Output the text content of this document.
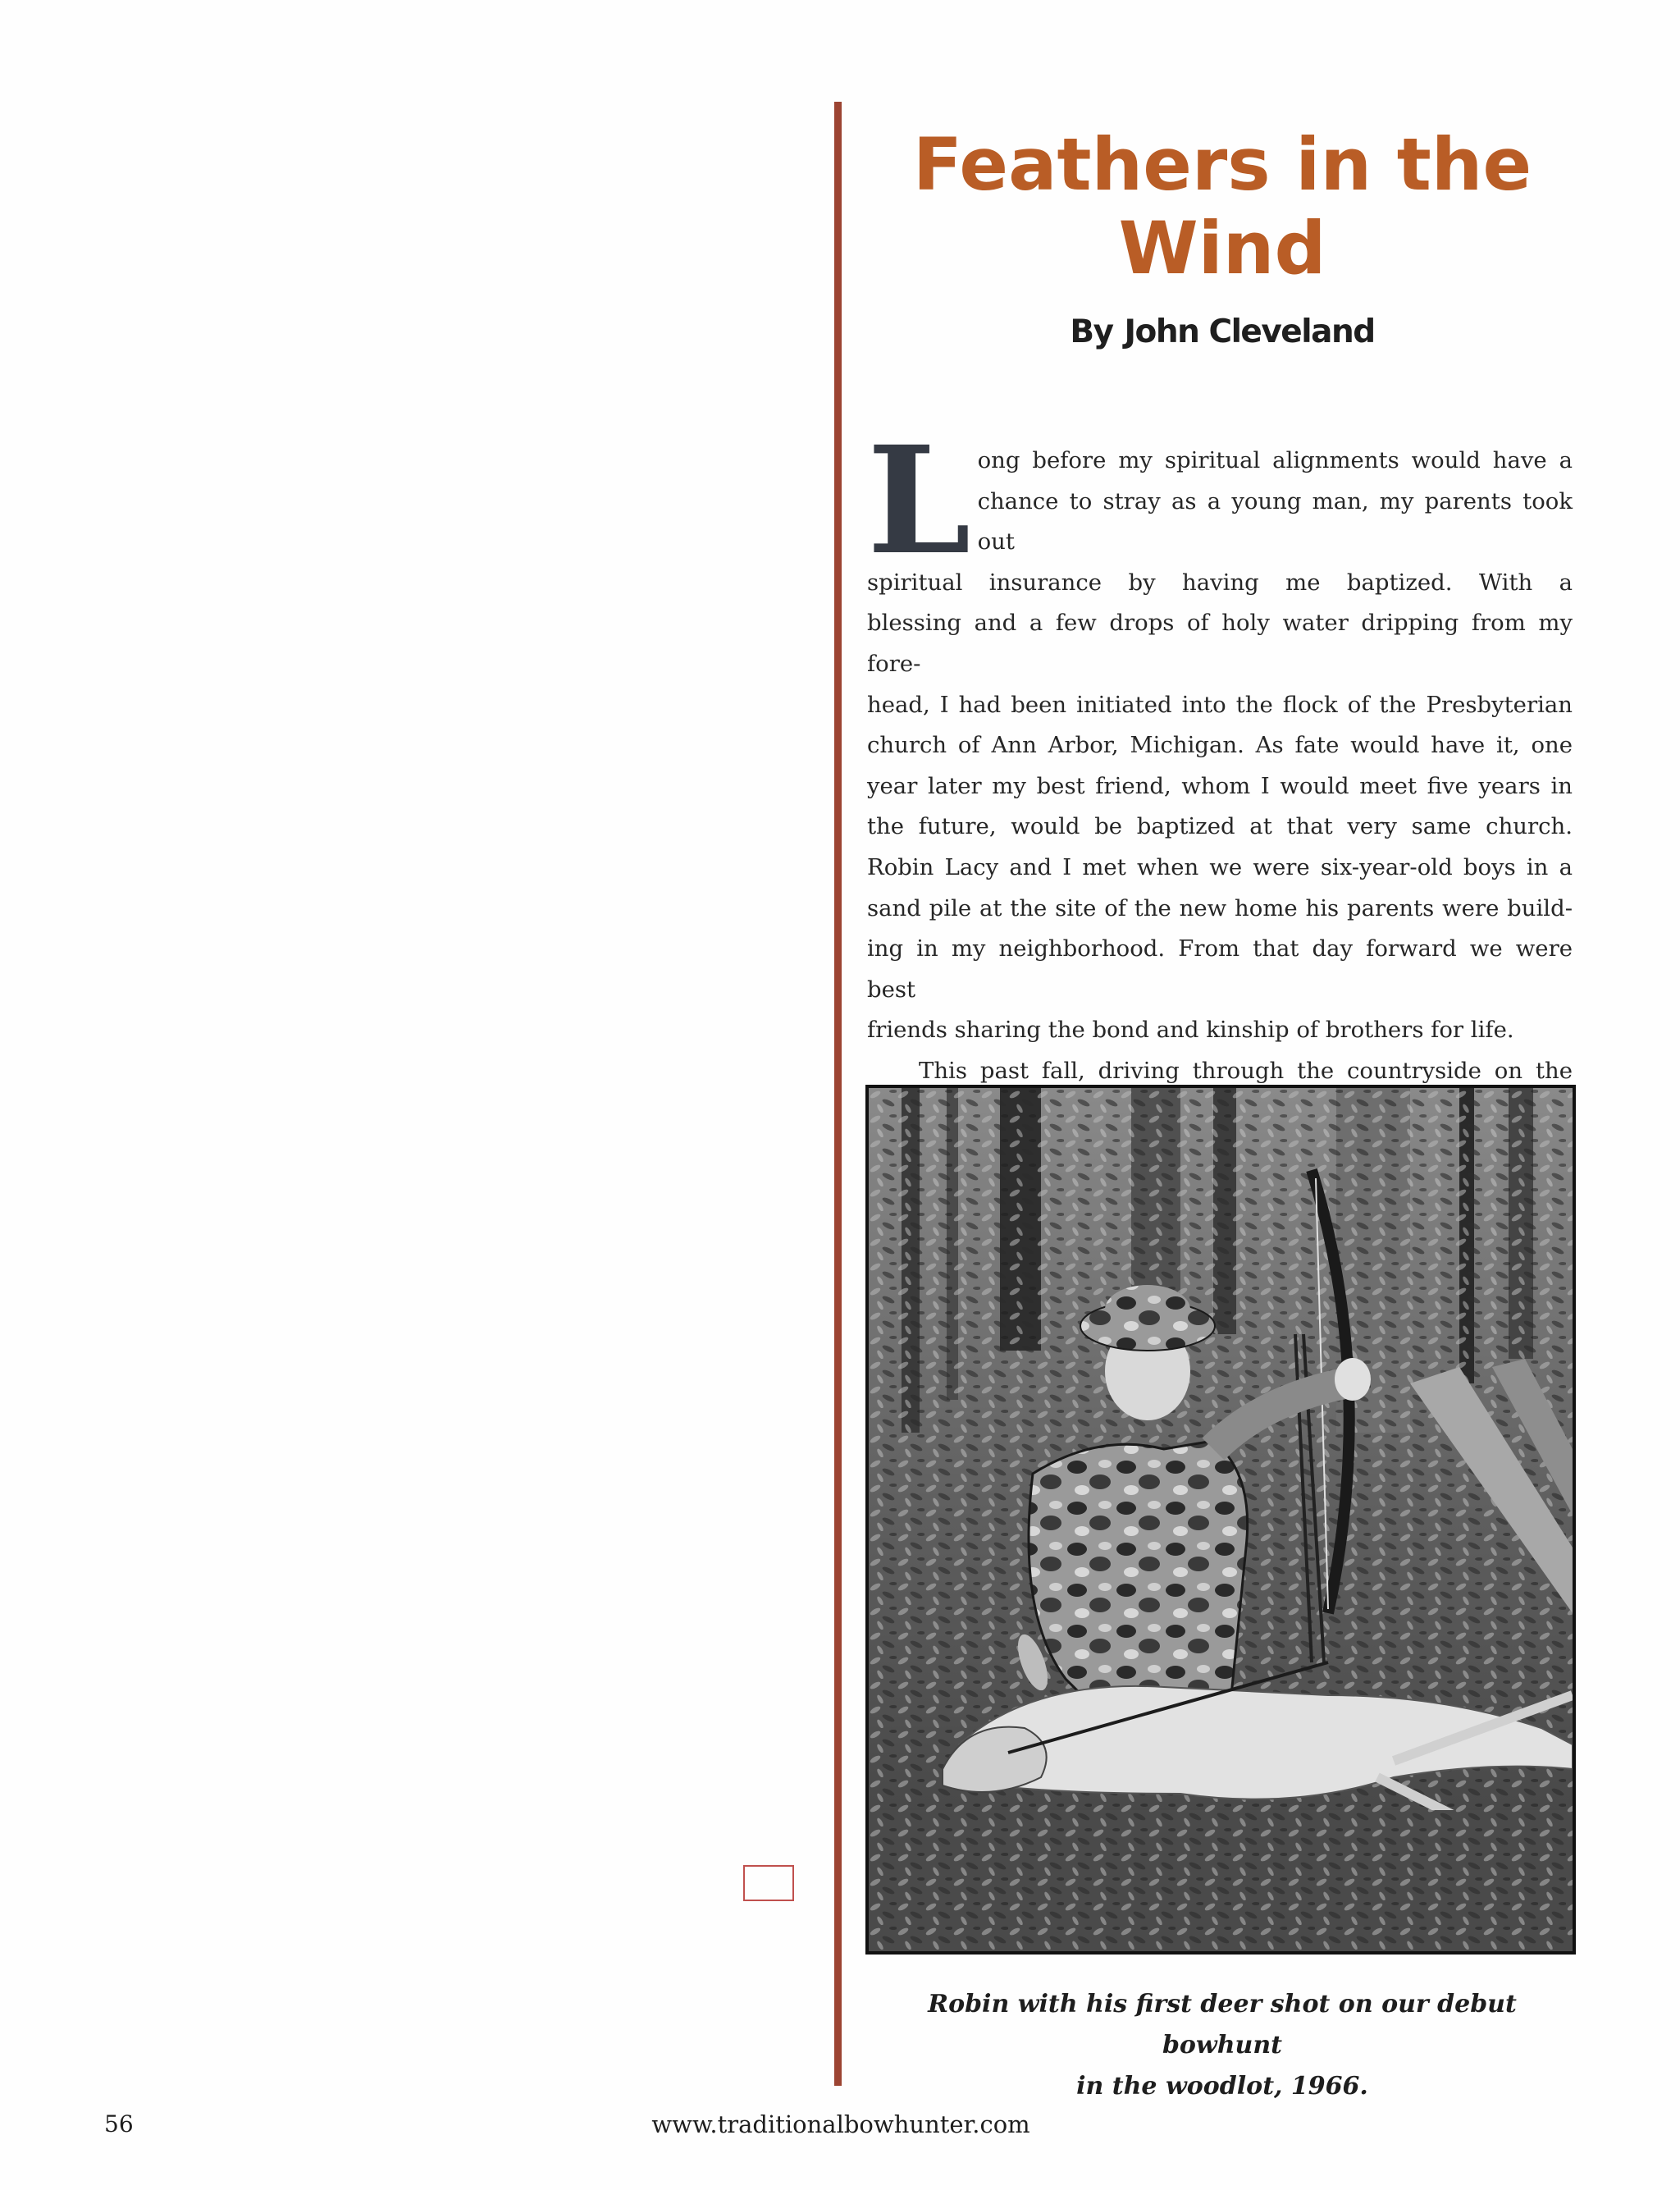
Feathers in the
Wind
By John Cleveland
L ong before my spiritual alignments would have a

chance to stray as a young man, my parents took out

spiritual insurance by having me baptized. With a

blessing and a few drops of holy water dripping from my fore-

head, I had been initiated into the flock of the Presbyterian

church of Ann Arbor, Michigan. As fate would have it, one

year later my best friend, whom I would meet five years in

the future, would be baptized at that very same church.

Robin Lacy and I met when we were six-year-old boys in a

sand pile at the site of the new home his parents were build-

ing in my neighborhood. From that day forward we were best

friends sharing the bond and kinship of brothers for life.

This past fall, driving through the countryside on the

Robin with his first deer shot on our debut bowhunt
in the woodlot, 1966.
56	www.traditionalbowhunter.com
